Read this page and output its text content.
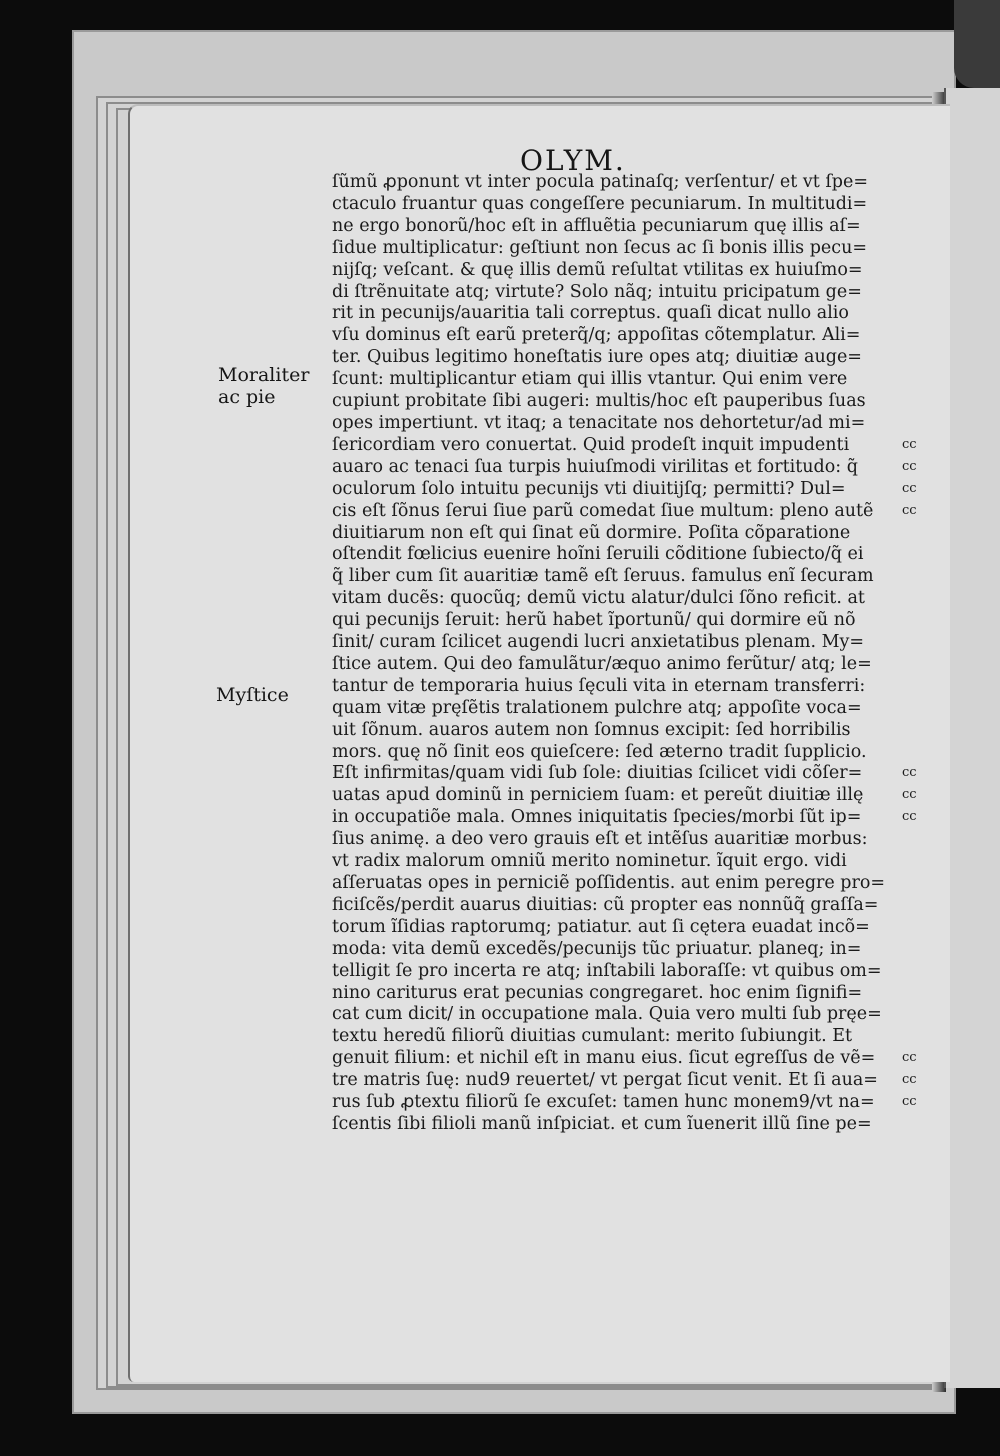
OLYM.
Moraliter
ac pie
Myſtice
ſũmũ ꝓponunt vt inter pocula patinaſq; verſentur/ et vt ſpe=
ctaculo fruantur quas congeſſere pecuniarum. In multitudi=
ne ergo bonorũ/hoc eſt in affluẽtia pecuniarum quę illis aſ=
ſidue multiplicatur: geſtiunt non ſecus ac ſi bonis illis pecu=
nijſq; veſcant. & quę illis demũ reſultat vtilitas ex huiuſmo=
di ſtrẽnuitate atq; virtute? Solo nãq; intuitu pricipatum ge=
rit in pecunijs/auaritia tali correptus. quaſi dicat nullo alio
vſu dominus eſt earũ preterq̃/q; appoſitas cõtemplatur. Ali=
ter. Quibus legitimo honeſtatis iure opes atq; diuitiæ auge=
ſcunt: multiplicantur etiam qui illis vtantur. Qui enim vere
cupiunt probitate ſibi augeri: multis/hoc eſt pauperibus ſuas
opes impertiunt. vt itaq; a tenacitate nos dehortetur/ad mi=
ſericordiam vero conuertat. Quid prodeſt inquit impudenti
auaro ac tenaci ſua turpis huiuſmodi virilitas et fortitudo: q̃
oculorum ſolo intuitu pecunijs vti diuitijſq; permitti? Dul=
cis eſt ſõnus ſerui ſiue parũ comedat ſiue multum: pleno autẽ
diuitiarum non eſt qui ſinat eũ dormire. Poſita cõparatione
oſtendit fœlicius euenire hoĩni ſeruili cõditione ſubiecto/q̃ ei
q̃ liber cum ſit auaritiæ tamẽ eſt ſeruus. famulus enĩ ſecuram
vitam ducẽs: quocũq; demũ victu alatur/dulci ſõno reficit. at
qui pecunijs ſeruit: herũ habet ĩportunũ/ qui dormire eũ nõ
ſinit/ curam ſcilicet augendi lucri anxietatibus plenam. My=
ſtice autem. Qui deo famulãtur/æquo animo ferũtur/ atq; le=
tantur de temporaria huius ſęculi vita in eternam transferri:
quam vitæ pręſẽtis tralationem pulchre atq; appoſite voca=
uit ſõnum. auaros autem non ſomnus excipit: ſed horribilis
mors. quę nõ ſinit eos quieſcere: ſed æterno tradit ſupplicio.
Eſt infirmitas/quam vidi ſub ſole: diuitias ſcilicet vidi cõſer=
uatas apud dominũ in perniciem ſuam: et pereũt diuitiæ illę
in occupatiõe mala. Omnes iniquitatis ſpecies/morbi ſũt ip=
ſius animę. a deo vero grauis eſt et intẽſus auaritiæ morbus:
vt radix malorum omniũ merito nominetur. ĩquit ergo. vidi
aſſeruatas opes in perniciẽ poſſidentis. aut enim peregre pro=
ficiſcẽs/perdit auarus diuitias: cũ propter eas nonnũq̃ graſſa=
torum ĩſidias raptorumq; patiatur. aut ſi cętera euadat incõ=
moda: vita demũ excedẽs/pecunijs tũc priuatur. planeq; in=
telligit ſe pro incerta re atq; inſtabili laboraſſe: vt quibus om=
nino cariturus erat pecunias congregaret. hoc enim ſignifi=
cat cum dicit/ in occupatione mala. Quia vero multi ſub pręe=
textu heredũ filiorũ diuitias cumulant: merito ſubiungit. Et
genuit filium: et nichil eſt in manu eius. ſicut egreſſus de vẽ=
tre matris ſuę: nud9 reuertet/ vt pergat ſicut venit. Et ſi aua=
rus ſub ꝓtextu filiorũ ſe excuſet: tamen hunc monem9/vt na=
ſcentis ſibi filioli manũ inſpiciat. et cum ĩuenerit illũ ſine pe=
cc
cc
cc
cc
cc
cc
cc
cc
cc
cc
